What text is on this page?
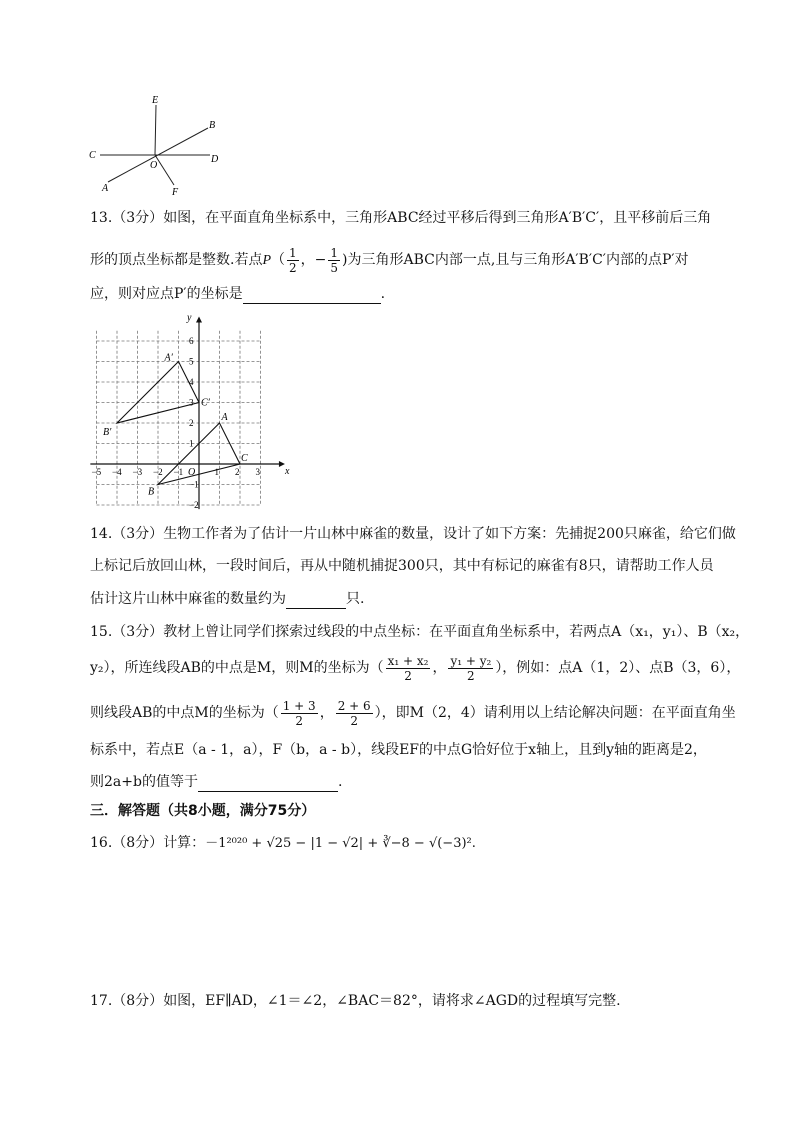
E
B
C
O
D
A	F
13.（3分）如图，在平面直角坐标系中，三角形ABC经过平移后得到三角形A′B′C′，且平移前后三角
形的顶点坐标都是整数.若点$P( \frac{1}{2}$ ，− $\frac{1}{5}$ )为三角形ABC内部一点,且与三角形A′B′C′内部的点P′对
应，则对应点P′的坐标是	.
x
y
O
−5 −4 −3 −2 −1	1 2 3
6
5
4
3
2
1
−1
−2
A
B
C
A′
B′
C′
14.（3分）生物工作者为了估计一片山林中麻雀的数量，设计了如下方案：先捕捉200只麻雀，给它们做
上标记后放回山林，一段时间后，再从中随机捕捉300只，其中有标记的麻雀有8只，请帮助工作人员
估计这片山林中麻雀的数量约为	只.
15.（3分）教材上曾让同学们探索过线段的中点坐标：在平面直角坐标系中，若两点A（x₁，y₁）、B（x₂，
y₂），所连线段AB的中点是M，则M的坐标为（ $\frac{\text{x₁ + x₂}}{2}$ ， $\frac{\text{y₁ + y₂}}{2}$ ），例如：点A（1，2）、点B（3，6），
则线段AB的中点M的坐标为（ $\frac{1 + 3}{2}$ ， $\frac{2 + 6}{2}$ ），即M（2，4）请利用以上结论解决问题：在平面直角坐
标系中，若点E（a - 1，a），F（b，a - b），线段EF的中点G恰好位于x轴上，且到y轴的距离是2，
则2a+b的值等于	.
三．解答题（共8小题，满分75分）
16.（8分）计算：－1²⁰²⁰ + √25 − |1 − √2| + ∛−8 − √(−3)².
17.（8分）如图，EF∥AD，∠1＝∠2，∠BAC＝82°，请将求∠AGD的过程填写完整.
